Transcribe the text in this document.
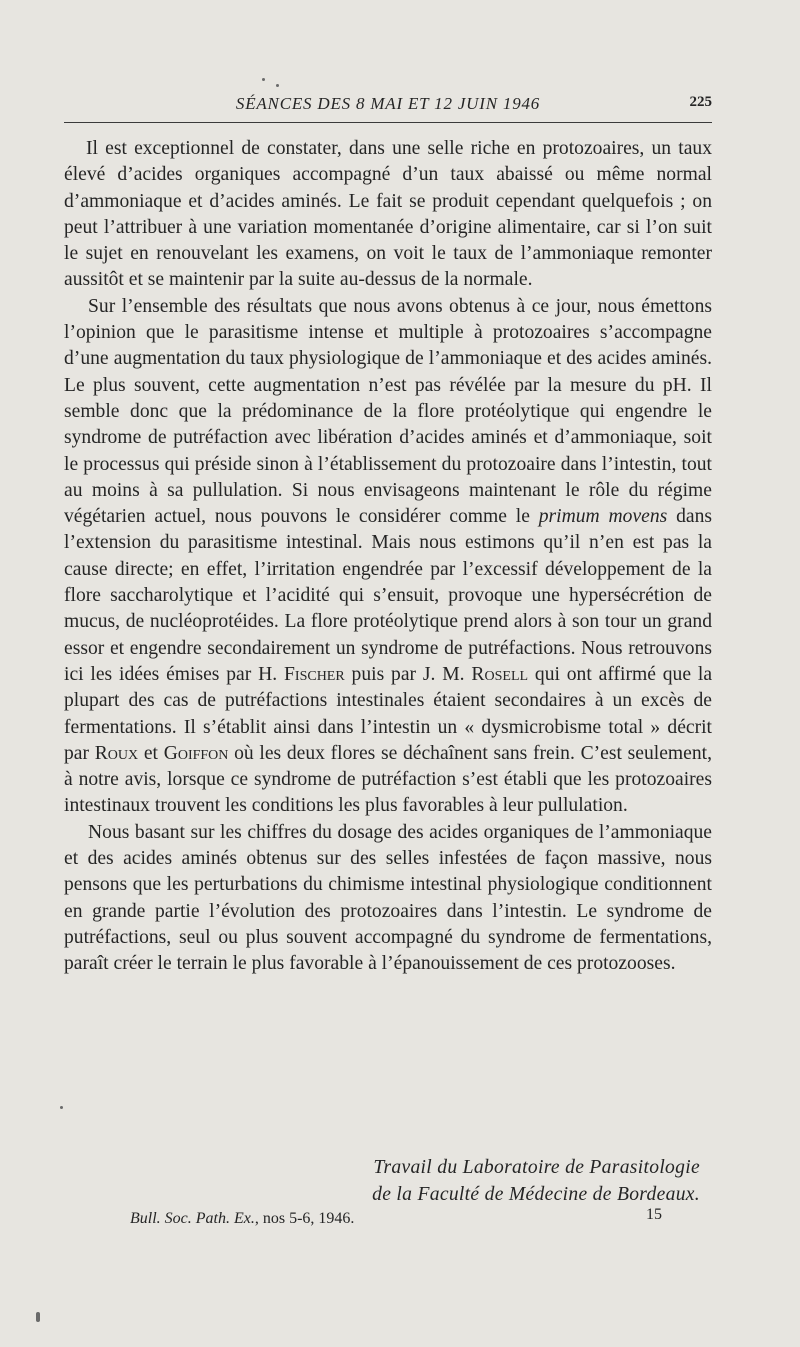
SÉANCES DES 8 MAI ET 12 JUIN 1946	225

Il est exceptionnel de constater, dans une selle riche en protozoaires, un taux élevé d’acides organiques accompagné d’un taux abaissé ou même normal d’ammoniaque et d’acides aminés. Le fait se produit cependant quelquefois ; on peut l’attribuer à une variation momentanée d’origine alimentaire, car si l’on suit le sujet en renouvelant les examens, on voit le taux de l’ammoniaque remonter aussitôt et se maintenir par la suite au-dessus de la normale.

Sur l’ensemble des résultats que nous avons obtenus à ce jour, nous émettons l’opinion que le parasitisme intense et multiple à protozoaires s’accompagne d’une augmentation du taux physiologique de l’ammoniaque et des acides aminés. Le plus souvent, cette augmentation n’est pas révélée par la mesure du pH. Il semble donc que la prédominance de la flore protéolytique qui engendre le syndrome de putréfaction avec libération d’acides aminés et d’ammoniaque, soit le processus qui préside sinon à l’établissement du protozoaire dans l’intestin, tout au moins à sa pullulation. Si nous envisageons maintenant le rôle du régime végétarien actuel, nous pouvons le considérer comme le primum movens dans l’extension du parasitisme intestinal. Mais nous estimons qu’il n’en est pas la cause directe; en effet, l’irritation engendrée par l’excessif développement de la flore saccharolytique et l’acidité qui s’ensuit, provoque une hypersécrétion de mucus, de nucléoprotéides. La flore protéolytique prend alors à son tour un grand essor et engendre secondairement un syndrome de putréfactions. Nous retrouvons ici les idées émises par H. Fischer puis par J. M. Rosell qui ont affirmé que la plupart des cas de putréfactions intestinales étaient secondaires à un excès de fermentations. Il s’établit ainsi dans l’intestin un « dysmicrobisme total » décrit par Roux et Goiffon où les deux flores se déchaînent sans frein. C’est seulement, à notre avis, lorsque ce syndrome de putréfaction s’est établi que les protozoaires intestinaux trouvent les conditions les plus favorables à leur pullulation.

Nous basant sur les chiffres du dosage des acides organiques de l’ammoniaque et des acides aminés obtenus sur des selles infestées de façon massive, nous pensons que les perturbations du chimisme intestinal physiologique conditionnent en grande partie l’évolution des protozoaires dans l’intestin. Le syndrome de putréfactions, seul ou plus souvent accompagné du syndrome de fermentations, paraît créer le terrain le plus favorable à l’épanouissement de ces protozooses.

Travail du Laboratoire de Parasitologie
de la Faculté de Médecine de Bordeaux.
Bull. Soc. Path. Ex., nos 5-6, 1946.	15
